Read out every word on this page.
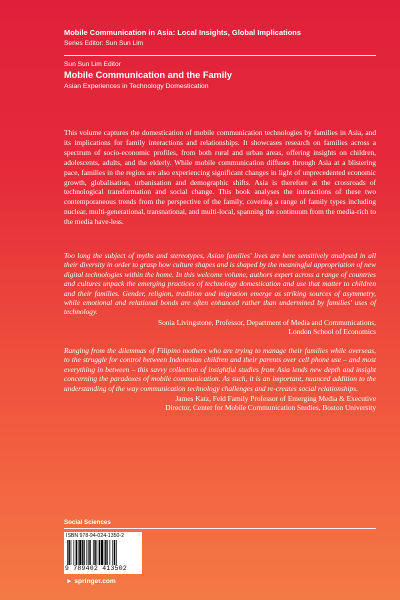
Mobile Communication in Asia: Local Insights, Global Implications
Series Editor: Sun Sun Lim
Sun Sun Lim Editor
Mobile Communication and the Family
Asian Experiences in Technology Domestication
This volume captures the domestication of mobile communication technologies by families in Asia, and its implications for family interactions and relationships. It showcases research on families across a spectrum of socio-economic profiles, from both rural and urban areas, offering insights on children, adolescents, adults, and the elderly. While mobile communication diffuses through Asia at a blistering pace, families in the region are also experiencing significant changes in light of unprecedented economic growth, globalisation, urbanisation and demographic shifts. Asia is therefore at the crossroads of technological transformation and social change. This book analyses the interactions of these two contemporaneous trends from the perspective of the family, covering a range of family types including nuclear, multi-generational, transnational, and multi-local, spanning the continuum from the media-rich to the media have-less.

Too long the subject of myths and stereotypes, Asian families' lives are here sensitively analysed in all their diversity in order to grasp how culture shapes and is shaped by the meaningful appropriation of new digital technologies within the home. In this welcome volume, authors expert across a range of countries and cultures unpack the emerging practices of technology domestication and use that matter to children and their families. Gender, religion, tradition and migration emerge as striking sources of asymmetry, while emotional and relational bonds are often enhanced rather than undermined by families' uses of technology.

Sonia Livingstone, Professor, Department of Media and Communications,
London School of Economics

Ranging from the dilemmas of Filipino mothers who are trying to manage their families while overseas, to the struggle for control between Indonesian children and their parents over cell phone use – and most everything in between – this savvy collection of insightful studies from Asia lends new depth and insight concerning the paradoxes of mobile communication. As such, it is an important, nuanced addition to the understanding of the way communication technology challenges and re-creates social relationships.

James Katz, Feld Family Professor of Emerging Media & Executive
Director, Center for Mobile Communication Studies, Boston University
Social Sciences
ISBN 978-94-024-1350-2
9 789402 413502
► springer.com
